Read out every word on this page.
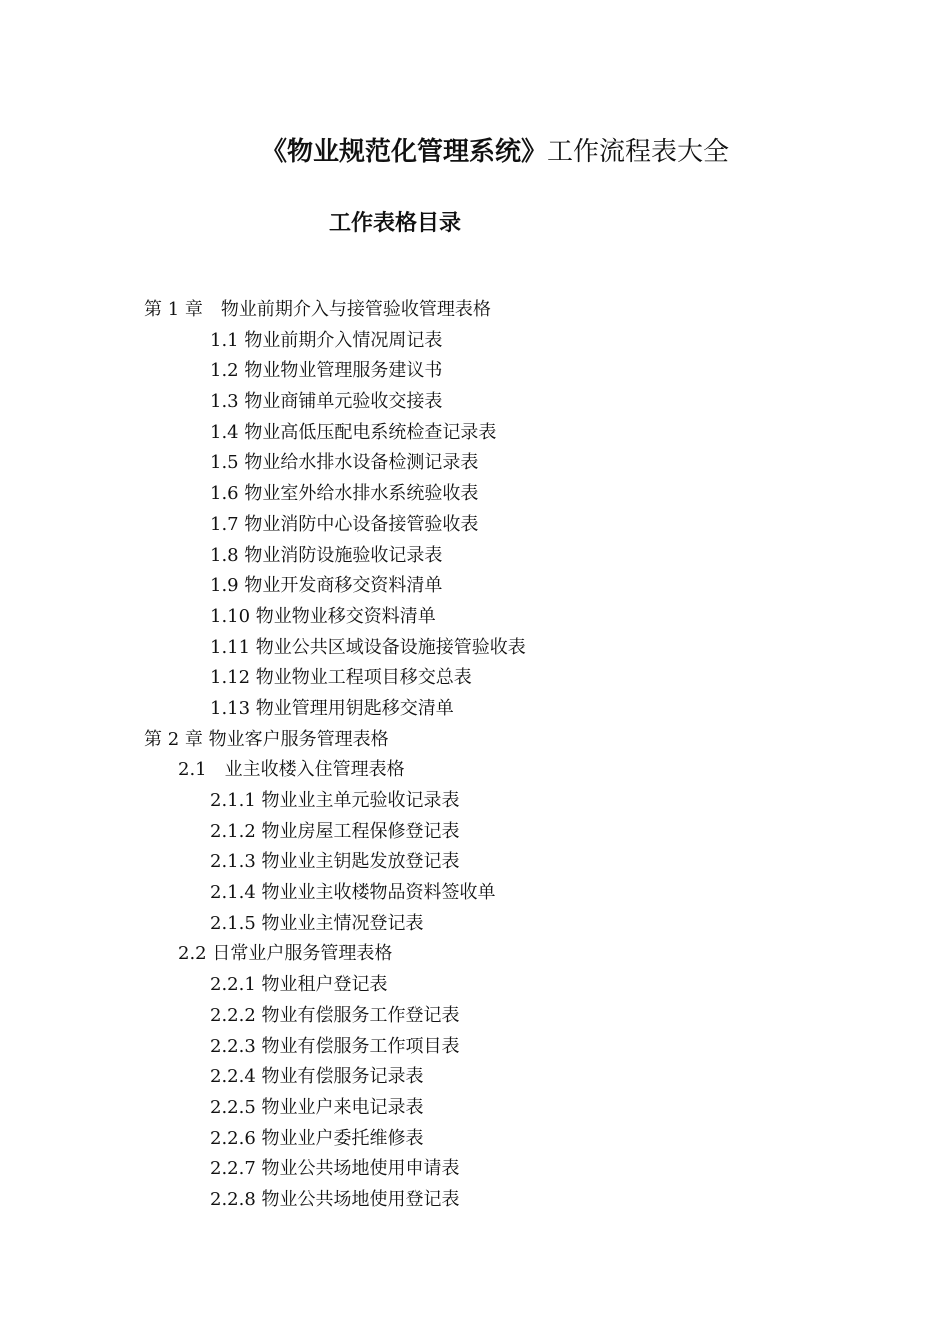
《物业规范化管理系统》工作流程表大全
工作表格目录
第 1 章　物业前期介入与接管验收管理表格
1.1 物业前期介入情况周记表
1.2 物业物业管理服务建议书
1.3 物业商铺单元验收交接表
1.4 物业高低压配电系统检查记录表
1.5 物业给水排水设备检测记录表
1.6 物业室外给水排水系统验收表
1.7 物业消防中心设备接管验收表
1.8 物业消防设施验收记录表
1.9 物业开发商移交资料清单
1.10 物业物业移交资料清单
1.11 物业公共区域设备设施接管验收表
1.12 物业物业工程项目移交总表
1.13 物业管理用钥匙移交清单
第 2 章 物业客户服务管理表格
2.1　业主收楼入住管理表格
2.1.1 物业业主单元验收记录表
2.1.2 物业房屋工程保修登记表
2.1.3 物业业主钥匙发放登记表
2.1.4 物业业主收楼物品资料签收单
2.1.5 物业业主情况登记表
2.2 日常业户服务管理表格
2.2.1 物业租户登记表
2.2.2 物业有偿服务工作登记表
2.2.3 物业有偿服务工作项目表
2.2.4 物业有偿服务记录表
2.2.5 物业业户来电记录表
2.2.6 物业业户委托维修表
2.2.7 物业公共场地使用申请表
2.2.8 物业公共场地使用登记表
